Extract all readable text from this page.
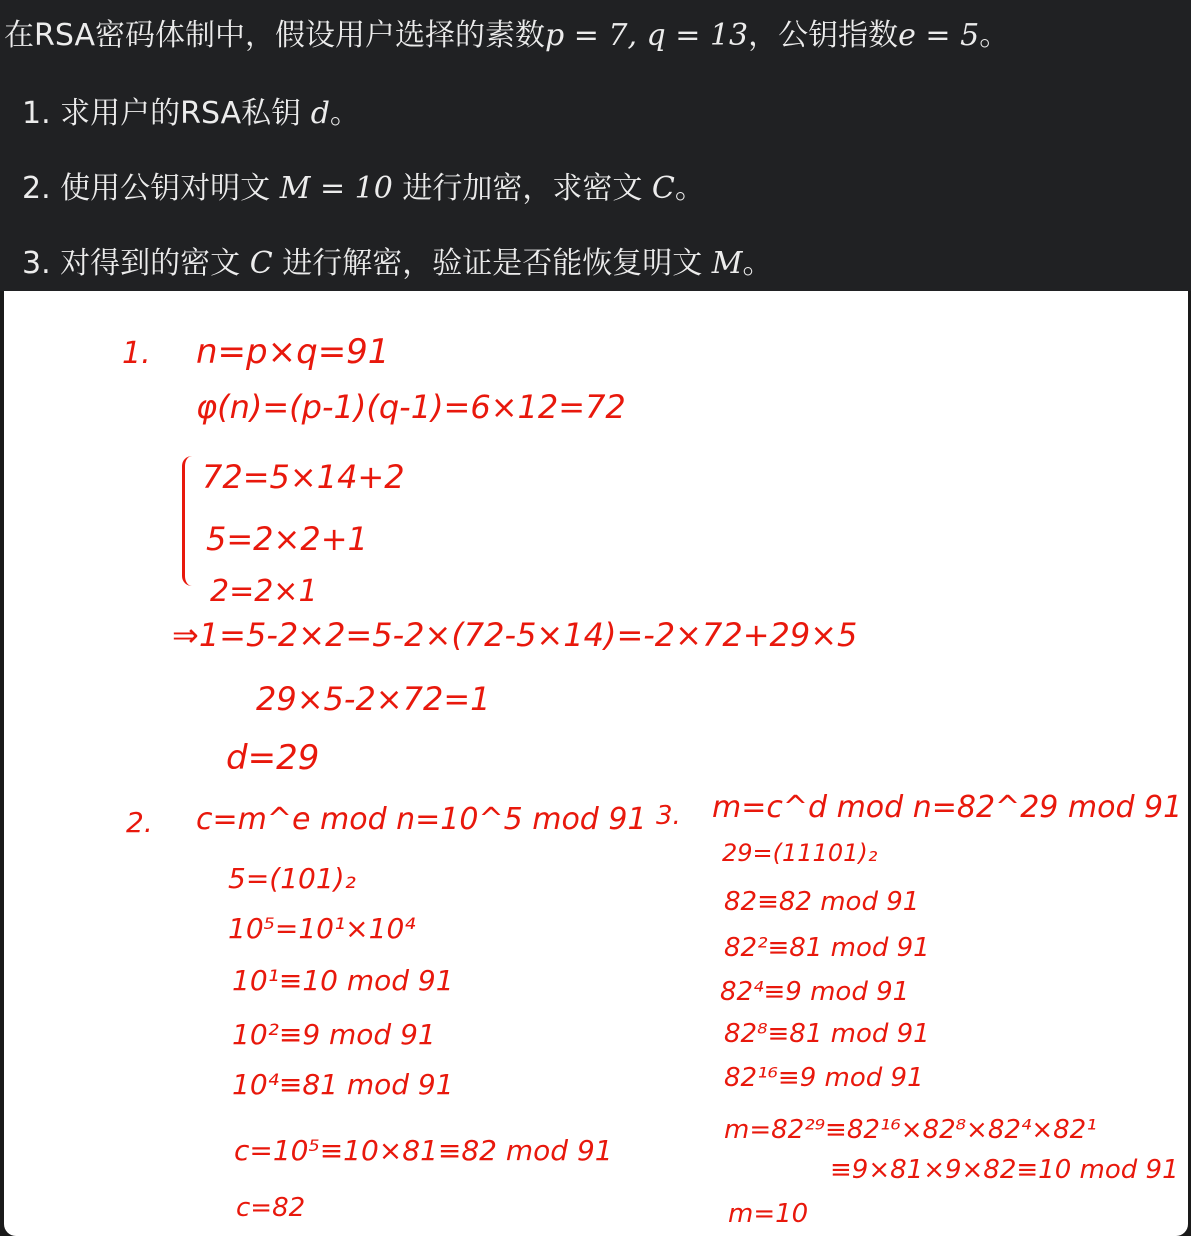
在RSA密码体制中，假设用户选择的素数p = 7, q = 13，公钥指数e = 5。
1. 求用户的RSA私钥 d。
2. 使用公钥对明文 M = 10 进行加密，求密文 C。
3. 对得到的密文 C 进行解密，验证是否能恢复明文 M。
1. n=p×q=91
φ(n)=(p-1)(q-1)=6×12=72
72=5×14+2
5=2×2+1
2=2×1
⇒1=5-2×2=5-2×(72-5×14)=-2×72+29×5
29×5-2×72=1
d=29
2. c=m^e mod n=10^5 mod 91
5=(101)₂
10⁵=10¹×10⁴
10¹≡10 mod 91
10²≡9 mod 91
10⁴≡81 mod 91
c=10⁵≡10×81≡82 mod 91
c=82
3. m=c^d mod n=82^29 mod 91
29=(11101)₂
82≡82 mod 91
82²≡81 mod 91
82⁴≡9 mod 91
82⁸≡81 mod 91
82¹⁶≡9 mod 91
m=82²⁹≡82¹⁶×82⁸×82⁴×82¹
≡9×81×9×82≡10 mod 91
m=10
